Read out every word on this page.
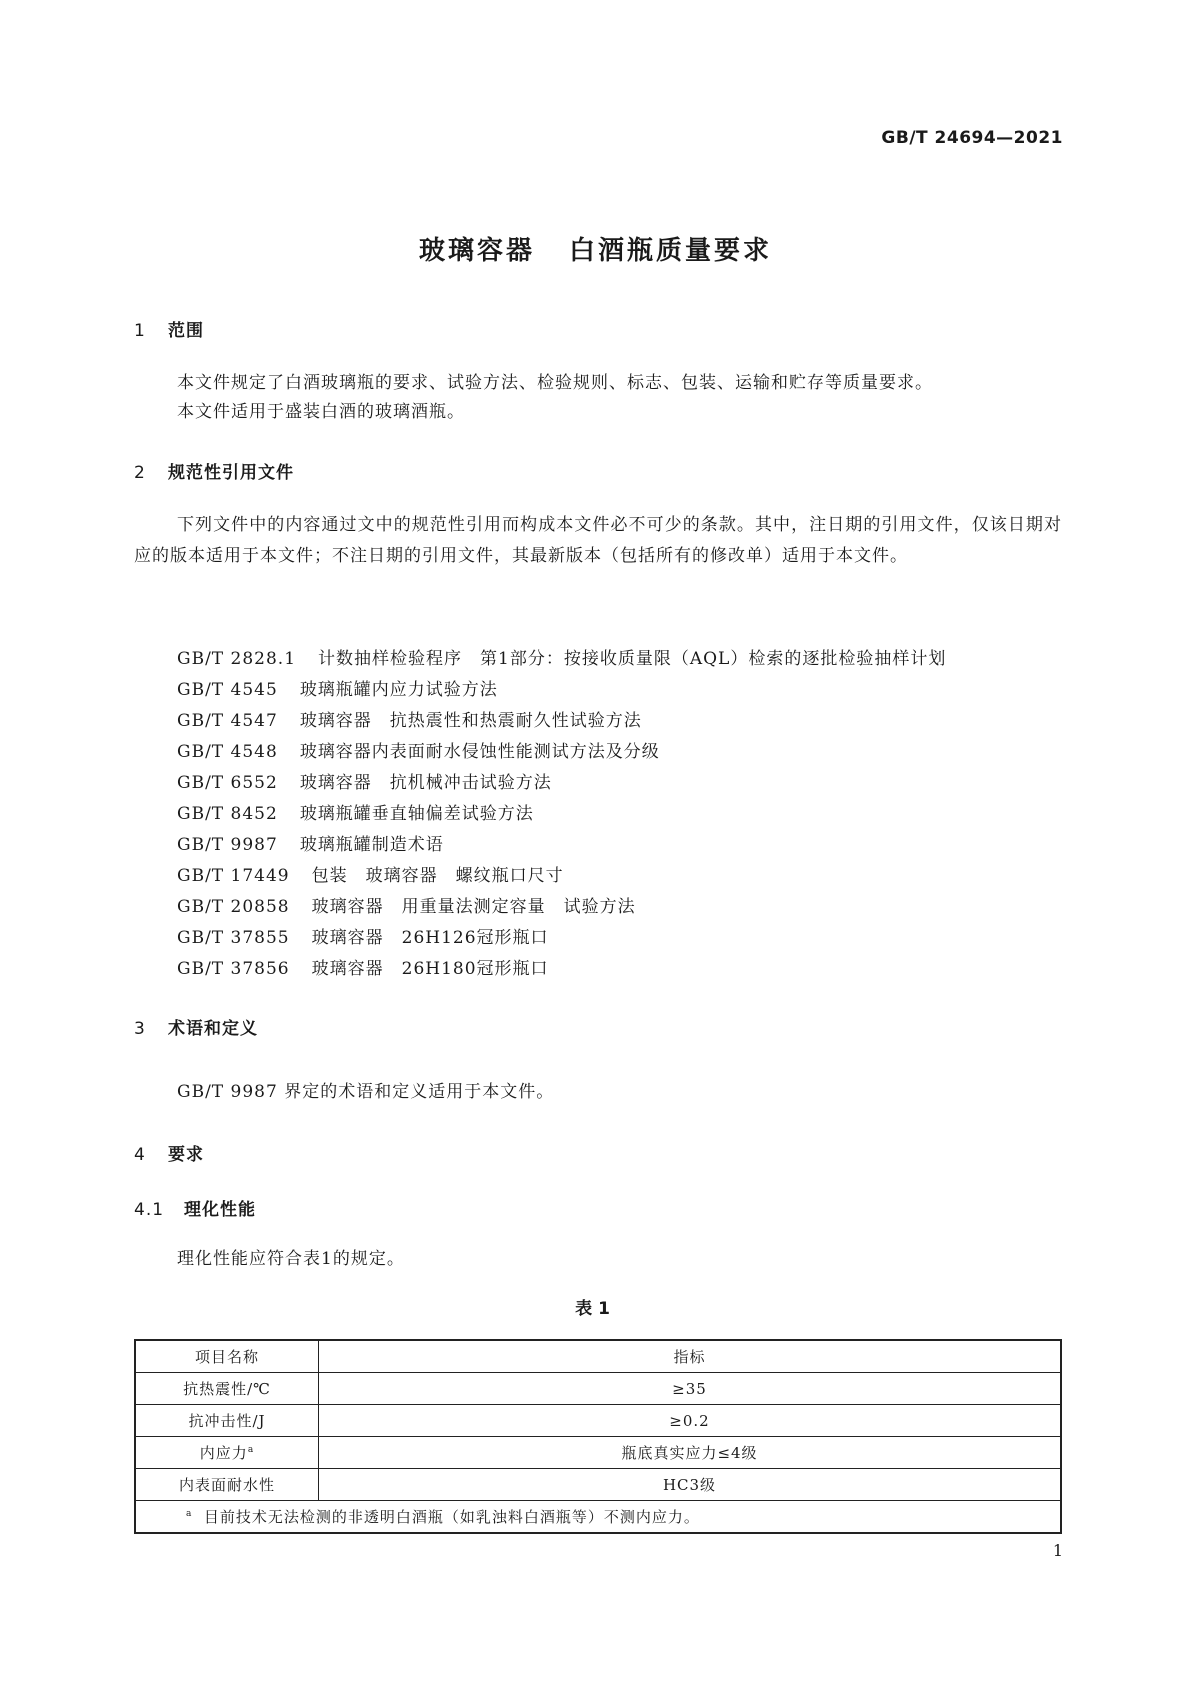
GB/T 24694—2021
玻璃容器 白酒瓶质量要求
1 范围
本文件规定了白酒玻璃瓶的要求、试验方法、检验规则、标志、包装、运输和贮存等质量要求。
本文件适用于盛装白酒的玻璃酒瓶。
2 规范性引用文件
下列文件中的内容通过文中的规范性引用而构成本文件必不可少的条款。其中，注日期的引用文件，仅该日期对应的版本适用于本文件；不注日期的引用文件，其最新版本（包括所有的修改单）适用于本文件。
GB/T 2828.1 计数抽样检验程序　第1部分：按接收质量限（AQL）检索的逐批检验抽样计划
GB/T 4545 玻璃瓶罐内应力试验方法
GB/T 4547 玻璃容器　抗热震性和热震耐久性试验方法
GB/T 4548 玻璃容器内表面耐水侵蚀性能测试方法及分级
GB/T 6552 玻璃容器　抗机械冲击试验方法
GB/T 8452 玻璃瓶罐垂直轴偏差试验方法
GB/T 9987 玻璃瓶罐制造术语
GB/T 17449 包装　玻璃容器　螺纹瓶口尺寸
GB/T 20858 玻璃容器　用重量法测定容量　试验方法
GB/T 37855 玻璃容器　26H126冠形瓶口
GB/T 37856 玻璃容器　26H180冠形瓶口
3 术语和定义
GB/T 9987 界定的术语和定义适用于本文件。
4 要求
4.1 理化性能
理化性能应符合表1的规定。
表1
项目名称	指标
抗热震性/℃	≥35
抗冲击性/J	≥0.2
内应力$^a$	瓶底真实应力≤4级
内表面耐水性	HC3级
$^a$ 目前技术无法检测的非透明白酒瓶（如乳浊料白酒瓶等）不测内应力。	
1
